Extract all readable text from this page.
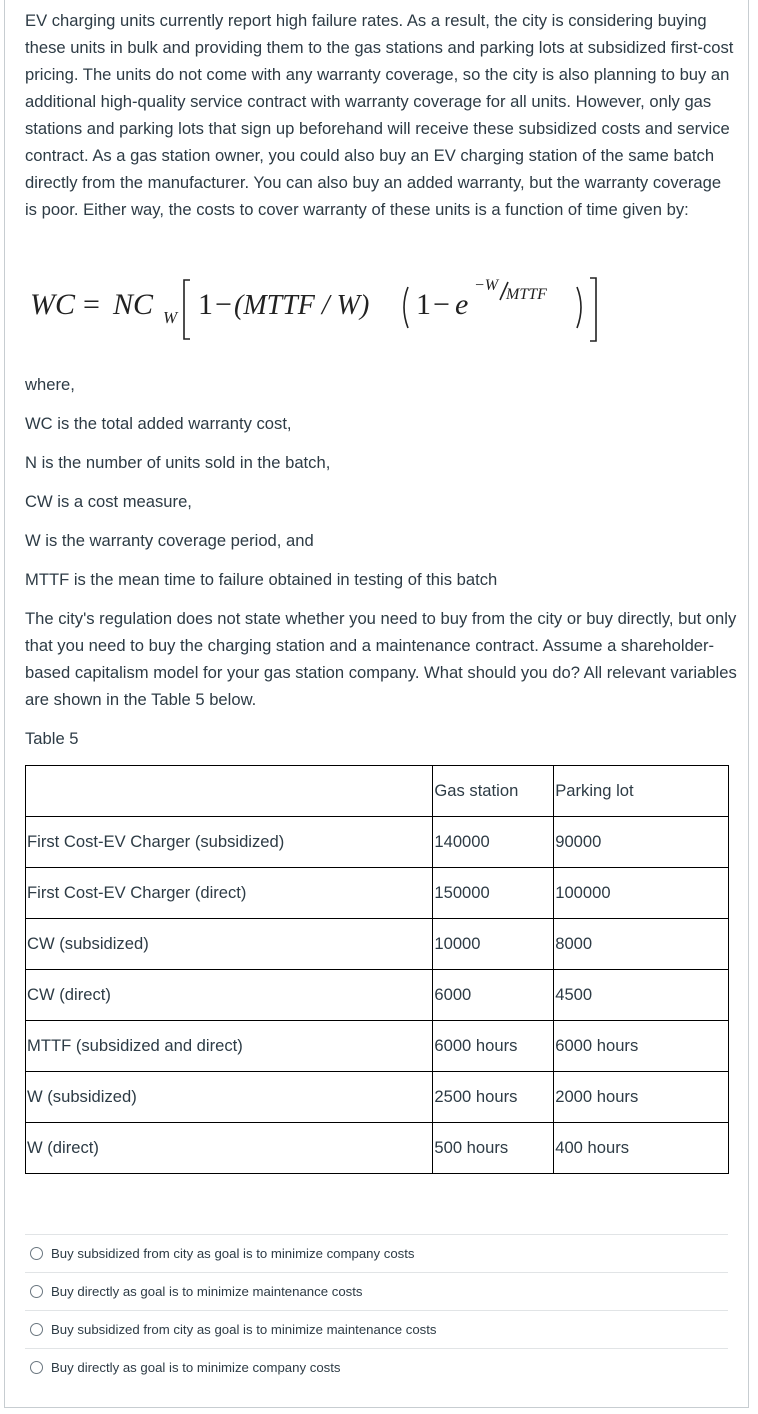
EV charging units currently report high failure rates. As a result, the city is considering buying these units in bulk and providing them to the gas stations and parking lots at subsidized first-cost pricing. The units do not come with any warranty coverage, so the city is also planning to buy an additional high-quality service contract with warranty coverage for all units. However, only gas stations and parking lots that sign up beforehand will receive these subsidized costs and service contract. As a gas station owner, you could also buy an EV charging station of the same batch directly from the manufacturer. You can also buy an added warranty, but the warranty coverage is poor. Either way, the costs to cover warranty of these units is a function of time given by:

WC = NC W 1 − (MTTF / W) 1 − e
−W
MTTF

where,

WC is the total added warranty cost,

N is the number of units sold in the batch,

CW is a cost measure,

W is the warranty coverage period, and

MTTF is the mean time to failure obtained in testing of this batch

The city's regulation does not state whether you need to buy from the city or buy directly, but only that you need to buy the charging station and a maintenance contract. Assume a shareholder-based capitalism model for your gas station company. What should you do? All relevant variables are shown in the Table 5 below.

Table 5

	Gas station	Parking lot
First Cost-EV Charger (subsidized)	140000	90000
First Cost-EV Charger (direct)	150000	100000
CW (subsidized)	10000	8000
CW (direct)	6000	4500
MTTF (subsidized and direct)	6000 hours	6000 hours
W (subsidized)	2500 hours	2000 hours
W (direct)	500 hours	400 hours
Buy subsidized from city as goal is to minimize company costs
Buy directly as goal is to minimize maintenance costs
Buy subsidized from city as goal is to minimize maintenance costs
Buy directly as goal is to minimize company costs
